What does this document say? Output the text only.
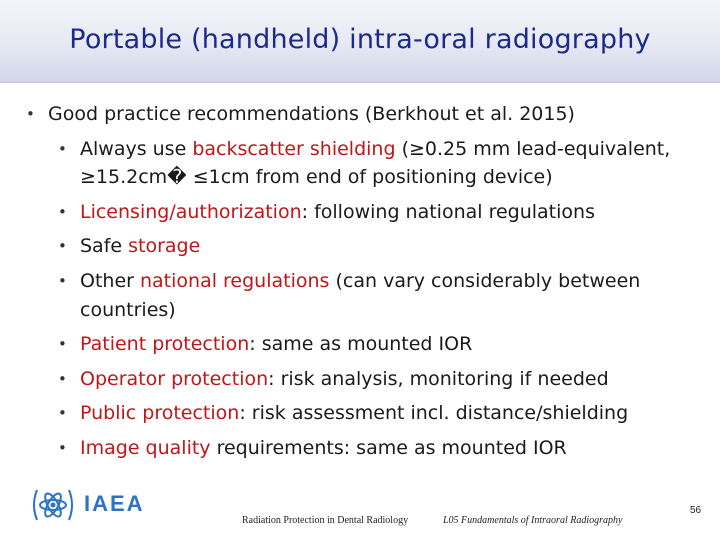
Portable (handheld) intra-oral radiography
• Good practice recommendations (Berkhout et al. 2015)
• Always use backscatter shielding (≥0.25 mm lead-equivalent,
≥15.2cm� ≤1cm from end of positioning device)
• Licensing/authorization: following national regulations
• Safe storage
• Other national regulations (can vary considerably between
countries)
• Patient protection: same as mounted IOR
• Operator protection: risk analysis, monitoring if needed
• Public protection: risk assessment incl. distance/shielding
• Image quality requirements: same as mounted IOR
IAEA
Radiation Protection in Dental Radiology	L05 Fundamentals of Intraoral Radiography
56
